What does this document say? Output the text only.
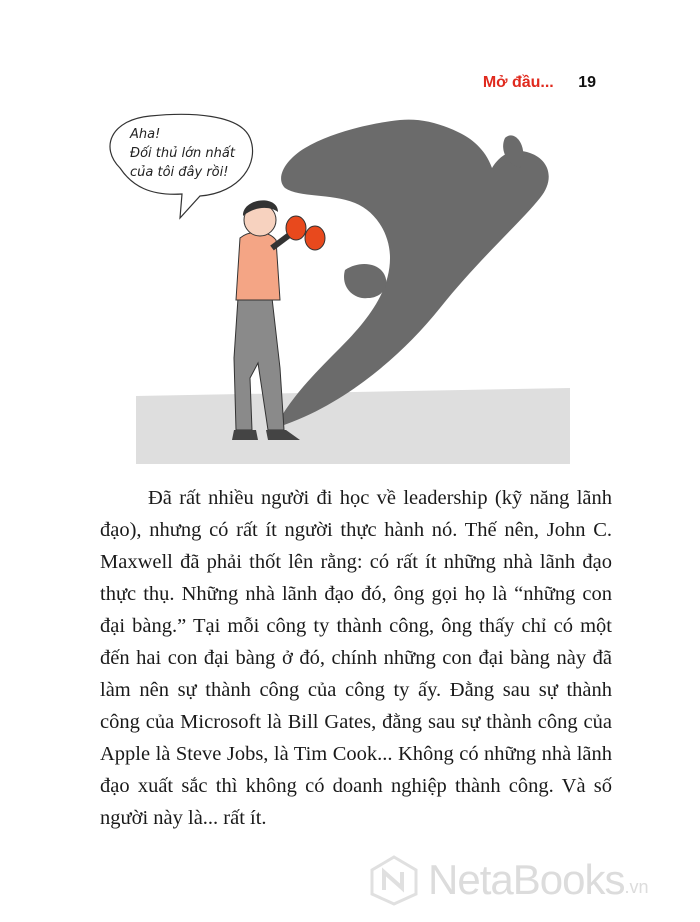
Mở đầu... 19
Aha!
Đối thủ lớn nhất
của tôi đây rồi!

Đã rất nhiều người đi học về leadership (kỹ năng lãnh đạo), nhưng có rất ít người thực hành nó. Thế nên, John C. Maxwell đã phải thốt lên rằng: có rất ít những nhà lãnh đạo thực thụ. Những nhà lãnh đạo đó, ông gọi họ là “những con đại bàng.” Tại mỗi công ty thành công, ông thấy chỉ có một đến hai con đại bàng ở đó, chính những con đại bàng này đã làm nên sự thành công của công ty ấy. Đằng sau sự thành công của Microsoft là Bill Gates, đằng sau sự thành công của Apple là Steve Jobs, là Tim Cook... Không có những nhà lãnh đạo xuất sắc thì không có doanh nghiệp thành công. Và số người này là... rất ít.

NetaBooks .vn
